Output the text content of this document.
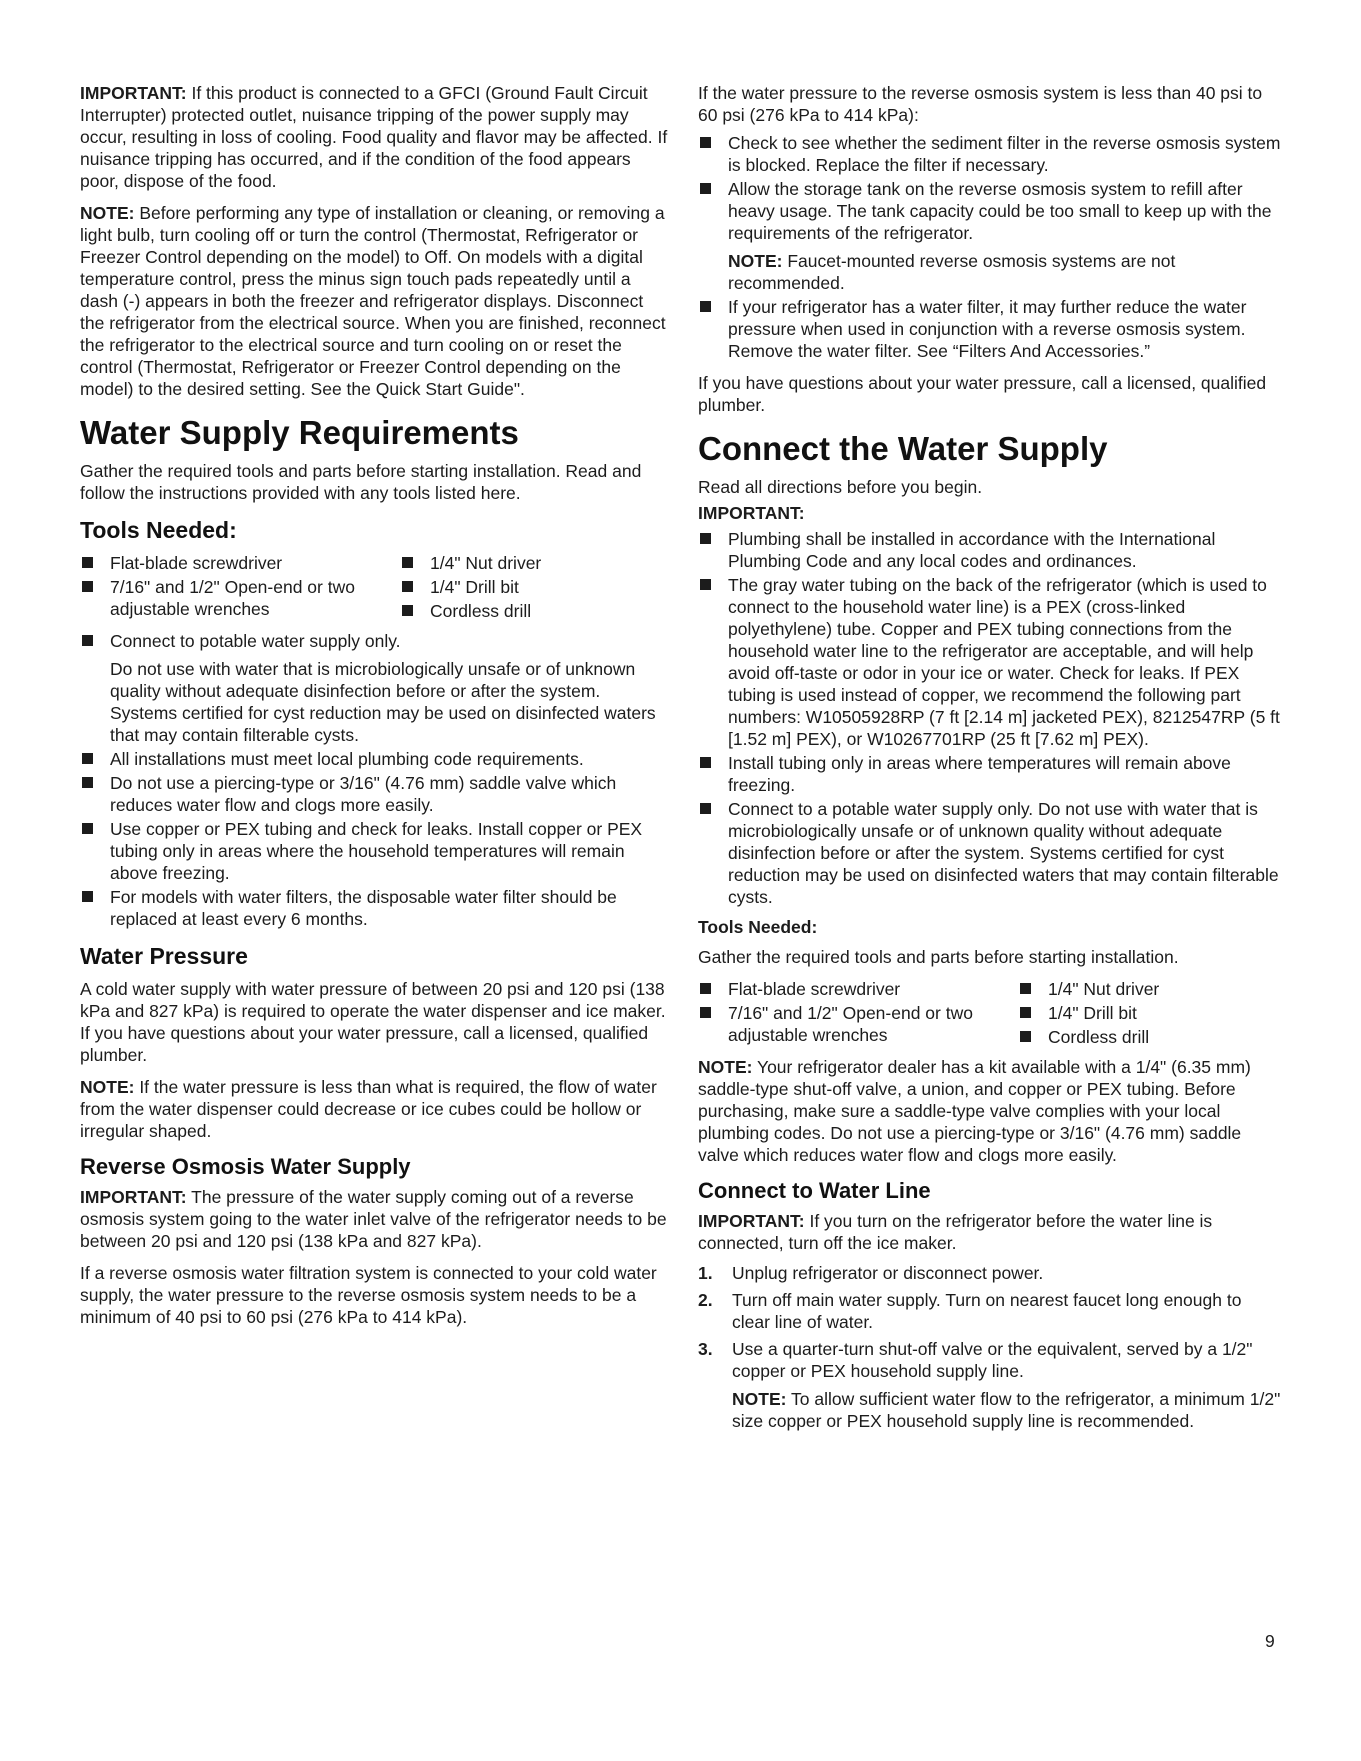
IMPORTANT: If this product is connected to a GFCI (Ground Fault Circuit Interrupter) protected outlet, nuisance tripping of the power supply may occur, resulting in loss of cooling. Food quality and flavor may be affected. If nuisance tripping has occurred, and if the condition of the food appears poor, dispose of the food.

NOTE: Before performing any type of installation or cleaning, or removing a light bulb, turn cooling off or turn the control (Thermostat, Refrigerator or Freezer Control depending on the model) to Off. On models with a digital temperature control, press the minus sign touch pads repeatedly until a dash (-) appears in both the freezer and refrigerator displays. Disconnect the refrigerator from the electrical source. When you are finished, reconnect the refrigerator to the electrical source and turn cooling on or reset the control (Thermostat, Refrigerator or Freezer Control depending on the model) to the desired setting. See the Quick Start Guide".

Water Supply Requirements

Gather the required tools and parts before starting installation. Read and follow the instructions provided with any tools listed here.

Tools Needed:
Flat-blade screwdriver
7/16" and 1/2" Open-end or two adjustable wrenches
1/4" Nut driver
1/4" Drill bit
Cordless drill
Connect to potable water supply only.

Do not use with water that is microbiologically unsafe or of unknown quality without adequate disinfection before or after the system. Systems certified for cyst reduction may be used on disinfected waters that may contain filterable cysts.

All installations must meet local plumbing code requirements.
Do not use a piercing-type or 3/16" (4.76 mm) saddle valve which reduces water flow and clogs more easily.
Use copper or PEX tubing and check for leaks. Install copper or PEX tubing only in areas where the household temperatures will remain above freezing.
For models with water filters, the disposable water filter should be replaced at least every 6 months.
Water Pressure

A cold water supply with water pressure of between 20 psi and 120 psi (138 kPa and 827 kPa) is required to operate the water dispenser and ice maker. If you have questions about your water pressure, call a licensed, qualified plumber.

NOTE: If the water pressure is less than what is required, the flow of water from the water dispenser could decrease or ice cubes could be hollow or irregular shaped.

Reverse Osmosis Water Supply

IMPORTANT: The pressure of the water supply coming out of a reverse osmosis system going to the water inlet valve of the refrigerator needs to be between 20 psi and 120 psi (138 kPa and 827 kPa).

If a reverse osmosis water filtration system is connected to your cold water supply, the water pressure to the reverse osmosis system needs to be a minimum of 40 psi to 60 psi (276 kPa to 414 kPa).

If the water pressure to the reverse osmosis system is less than 40 psi to 60 psi (276 kPa to 414 kPa):

Check to see whether the sediment filter in the reverse osmosis system is blocked. Replace the filter if necessary.
Allow the storage tank on the reverse osmosis system to refill after heavy usage. The tank capacity could be too small to keep up with the requirements of the refrigerator.

NOTE: Faucet-mounted reverse osmosis systems are not recommended.

If your refrigerator has a water filter, it may further reduce the water pressure when used in conjunction with a reverse osmosis system. Remove the water filter. See “Filters And Accessories.”

If you have questions about your water pressure, call a licensed, qualified plumber.

Connect the Water Supply

Read all directions before you begin.

IMPORTANT:

Plumbing shall be installed in accordance with the International Plumbing Code and any local codes and ordinances.
The gray water tubing on the back of the refrigerator (which is used to connect to the household water line) is a PEX (cross-linked polyethylene) tube. Copper and PEX tubing connections from the household water line to the refrigerator are acceptable, and will help avoid off-taste or odor in your ice or water. Check for leaks. If PEX tubing is used instead of copper, we recommend the following part numbers: W10505928RP (7 ft [2.14 m] jacketed PEX), 8212547RP (5 ft [1.52 m] PEX), or W10267701RP (25 ft [7.62 m] PEX).
Install tubing only in areas where temperatures will remain above freezing.
Connect to a potable water supply only. Do not use with water that is microbiologically unsafe or of unknown quality without adequate disinfection before or after the system. Systems certified for cyst reduction may be used on disinfected waters that may contain filterable cysts.
Tools Needed:

Gather the required tools and parts before starting installation.

Flat-blade screwdriver
7/16" and 1/2" Open-end or two adjustable wrenches
1/4" Nut driver
1/4" Drill bit
Cordless drill

NOTE: Your refrigerator dealer has a kit available with a 1/4" (6.35 mm) saddle-type shut-off valve, a union, and copper or PEX tubing. Before purchasing, make sure a saddle-type valve complies with your local plumbing codes. Do not use a piercing-type or 3/16" (4.76 mm) saddle valve which reduces water flow and clogs more easily.

Connect to Water Line

IMPORTANT: If you turn on the refrigerator before the water line is connected, turn off the ice maker.

1. Unplug refrigerator or disconnect power.
2. Turn off main water supply. Turn on nearest faucet long enough to clear line of water.
3. Use a quarter-turn shut-off valve or the equivalent, served by a 1/2" copper or PEX household supply line.

NOTE: To allow sufficient water flow to the refrigerator, a minimum 1/2" size copper or PEX household supply line is recommended.

9
